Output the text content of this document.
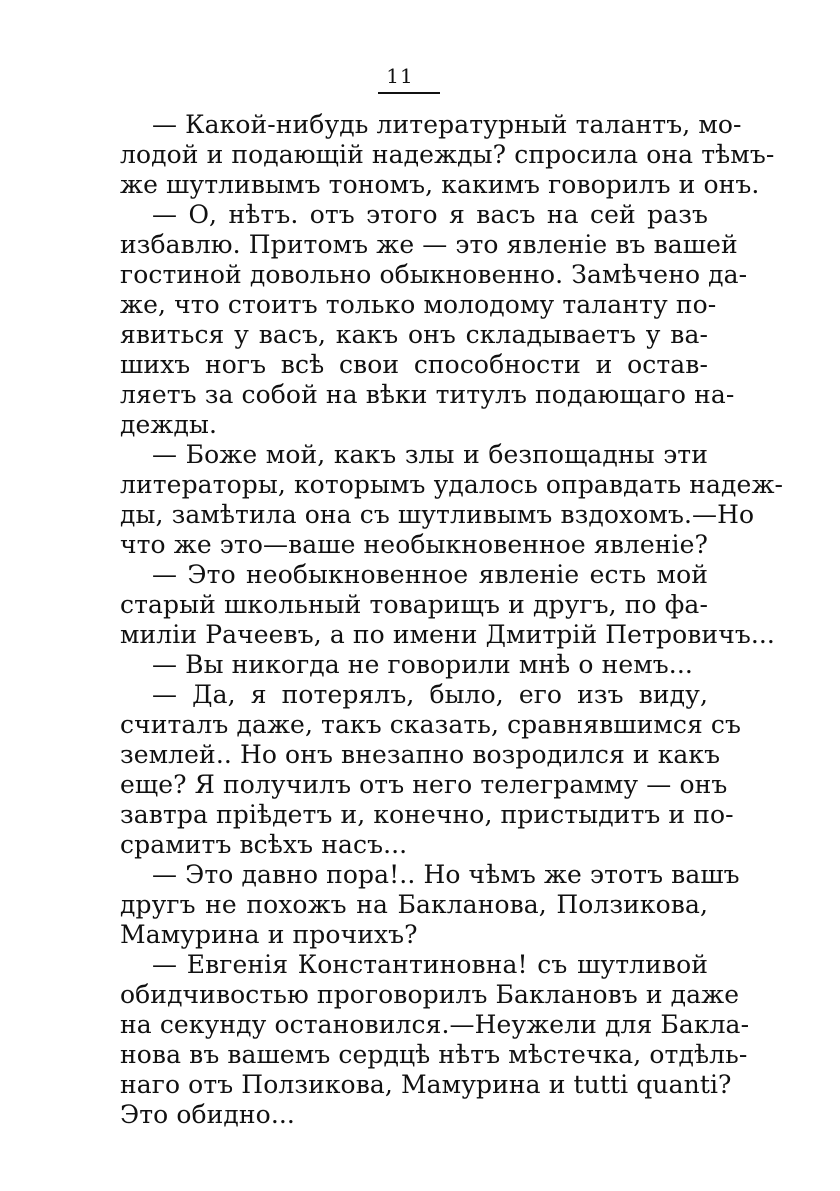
11
— Какой-нибудь литературный талантъ, мо-
лодой и подающій надежды? спросила она тѣмъ-
же шутливымъ тономъ, какимъ говорилъ и онъ.
— О, нѣтъ. отъ этого я васъ на сей разъ
избавлю. Притомъ же — это явленіе въ вашей
гостиной довольно обыкновенно. Замѣчено да-
же, что стоитъ только молодому таланту по-
явиться у васъ, какъ онъ складываетъ у ва-
шихъ ногъ всѣ свои способности и остав-
ляетъ за собой на вѣки титулъ подающаго на-
дежды.
— Боже мой, какъ злы и безпощадны эти
литераторы, которымъ удалось оправдать надеж-
ды, замѣтила она съ шутливымъ вздохомъ.—Но
что же это—ваше необыкновенное явленіе?
— Это необыкновенное явленіе есть мой
старый школьный товарищъ и другъ, по фа-
миліи Рачеевъ, а по имени Дмитрій Петровичъ...
— Вы никогда не говорили мнѣ о немъ...
— Да, я потерялъ, было, его изъ виду,
считалъ даже, такъ сказать, сравнявшимся съ
землей.. Но онъ внезапно возродился и какъ
еще? Я получилъ отъ него телеграмму — онъ
завтра пріѣдетъ и, конечно, пристыдитъ и по-
срамитъ всѣхъ насъ...
— Это давно пора!.. Но чѣмъ же этотъ вашъ
другъ не похожъ на Бакланова, Ползикова,
Мамурина и прочихъ?
— Евгенія Константиновна! съ шутливой
обидчивостью проговорилъ Баклановъ и даже
на секунду остановился.—Неужели для Бакла-
нова въ вашемъ сердцѣ нѣтъ мѣстечка, отдѣль-
наго отъ Ползикова, Мамурина и tutti quanti?
Это обидно...
